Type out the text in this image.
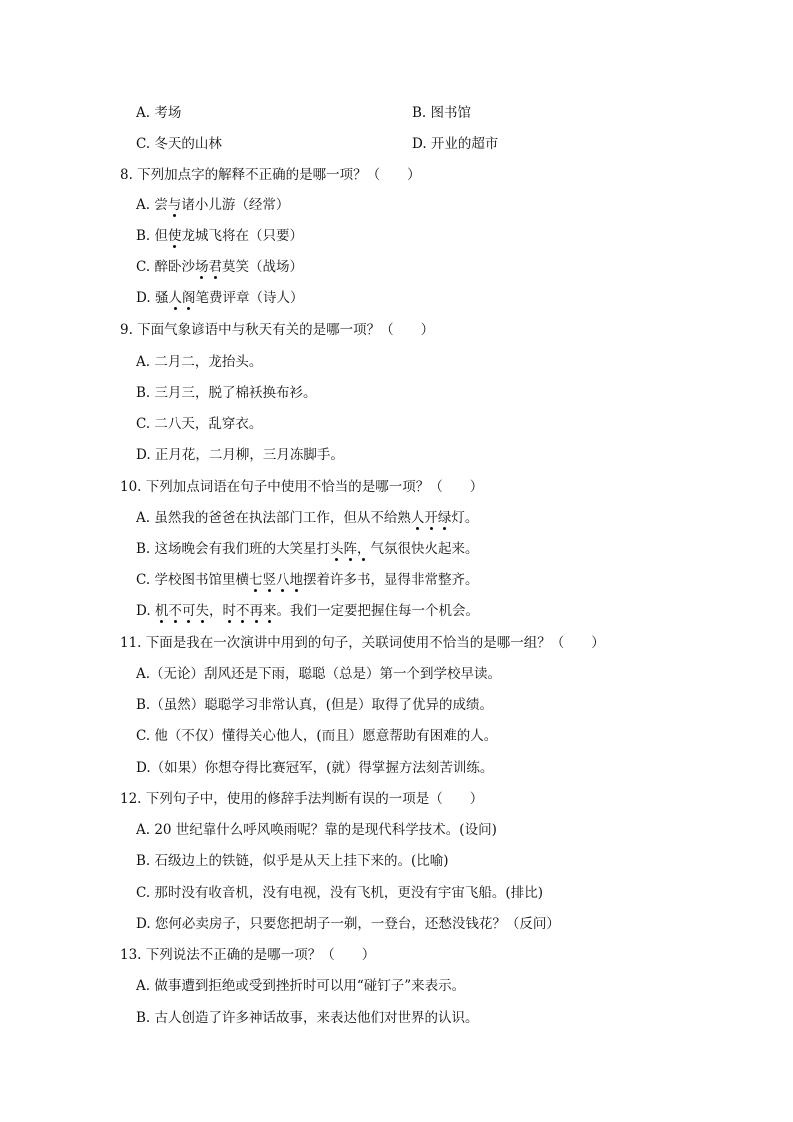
A. 考场	B. 图书馆
C. 冬天的山林	D. 开业的超市
8. 下列加点字的解释不正确的是哪一项？（　　）
A. 尝与诸小儿游（经常）
B. 但使龙城飞将在（只要）
C. 醉卧沙场君莫笑（战场）
D. 骚人阁笔费评章（诗人）
9. 下面气象谚语中与秋天有关的是哪一项？（　　）
A. 二月二，龙抬头。
B. 三月三，脱了棉袄换布衫。
C. 二八天，乱穿衣。
D. 正月花，二月柳，三月冻脚手。
10. 下列加点词语在句子中使用不恰当的是哪一项？（　　）
A. 虽然我的爸爸在执法部门工作，但从不给熟人开绿灯。
B. 这场晚会有我们班的大笑星打头阵，气氛很快火起来。
C. 学校图书馆里横七竖八地摆着许多书，显得非常整齐。
D. 机不可失，时不再来。我们一定要把握住每一个机会。
11. 下面是我在一次演讲中用到的句子，关联词使用不恰当的是哪一组？（　　）
A.（无论）刮风还是下雨，聪聪（总是）第一个到学校早读。
B.（虽然）聪聪学习非常认真，(但是）取得了优异的成绩。
C. 他（不仅）懂得关心他人，(而且）愿意帮助有困难的人。
D.（如果）你想夺得比赛冠军，(就）得掌握方法刻苦训练。
12. 下列句子中，使用的修辞手法判断有误的一项是（　　）
A. 20 世纪靠什么呼风唤雨呢？靠的是现代科学技术。(设问)
B. 石级边上的铁链，似乎是从天上挂下来的。(比喻)
C. 那时没有收音机，没有电视，没有飞机，更没有宇宙飞船。(排比)
D. 您何必卖房子，只要您把胡子一剃，一登台，还愁没钱花？（反问）
13. 下列说法不正确的是哪一项？（　　）
A. 做事遭到拒绝或受到挫折时可以用“碰钉子”来表示。
B. 古人创造了许多神话故事，来表达他们对世界的认识。
